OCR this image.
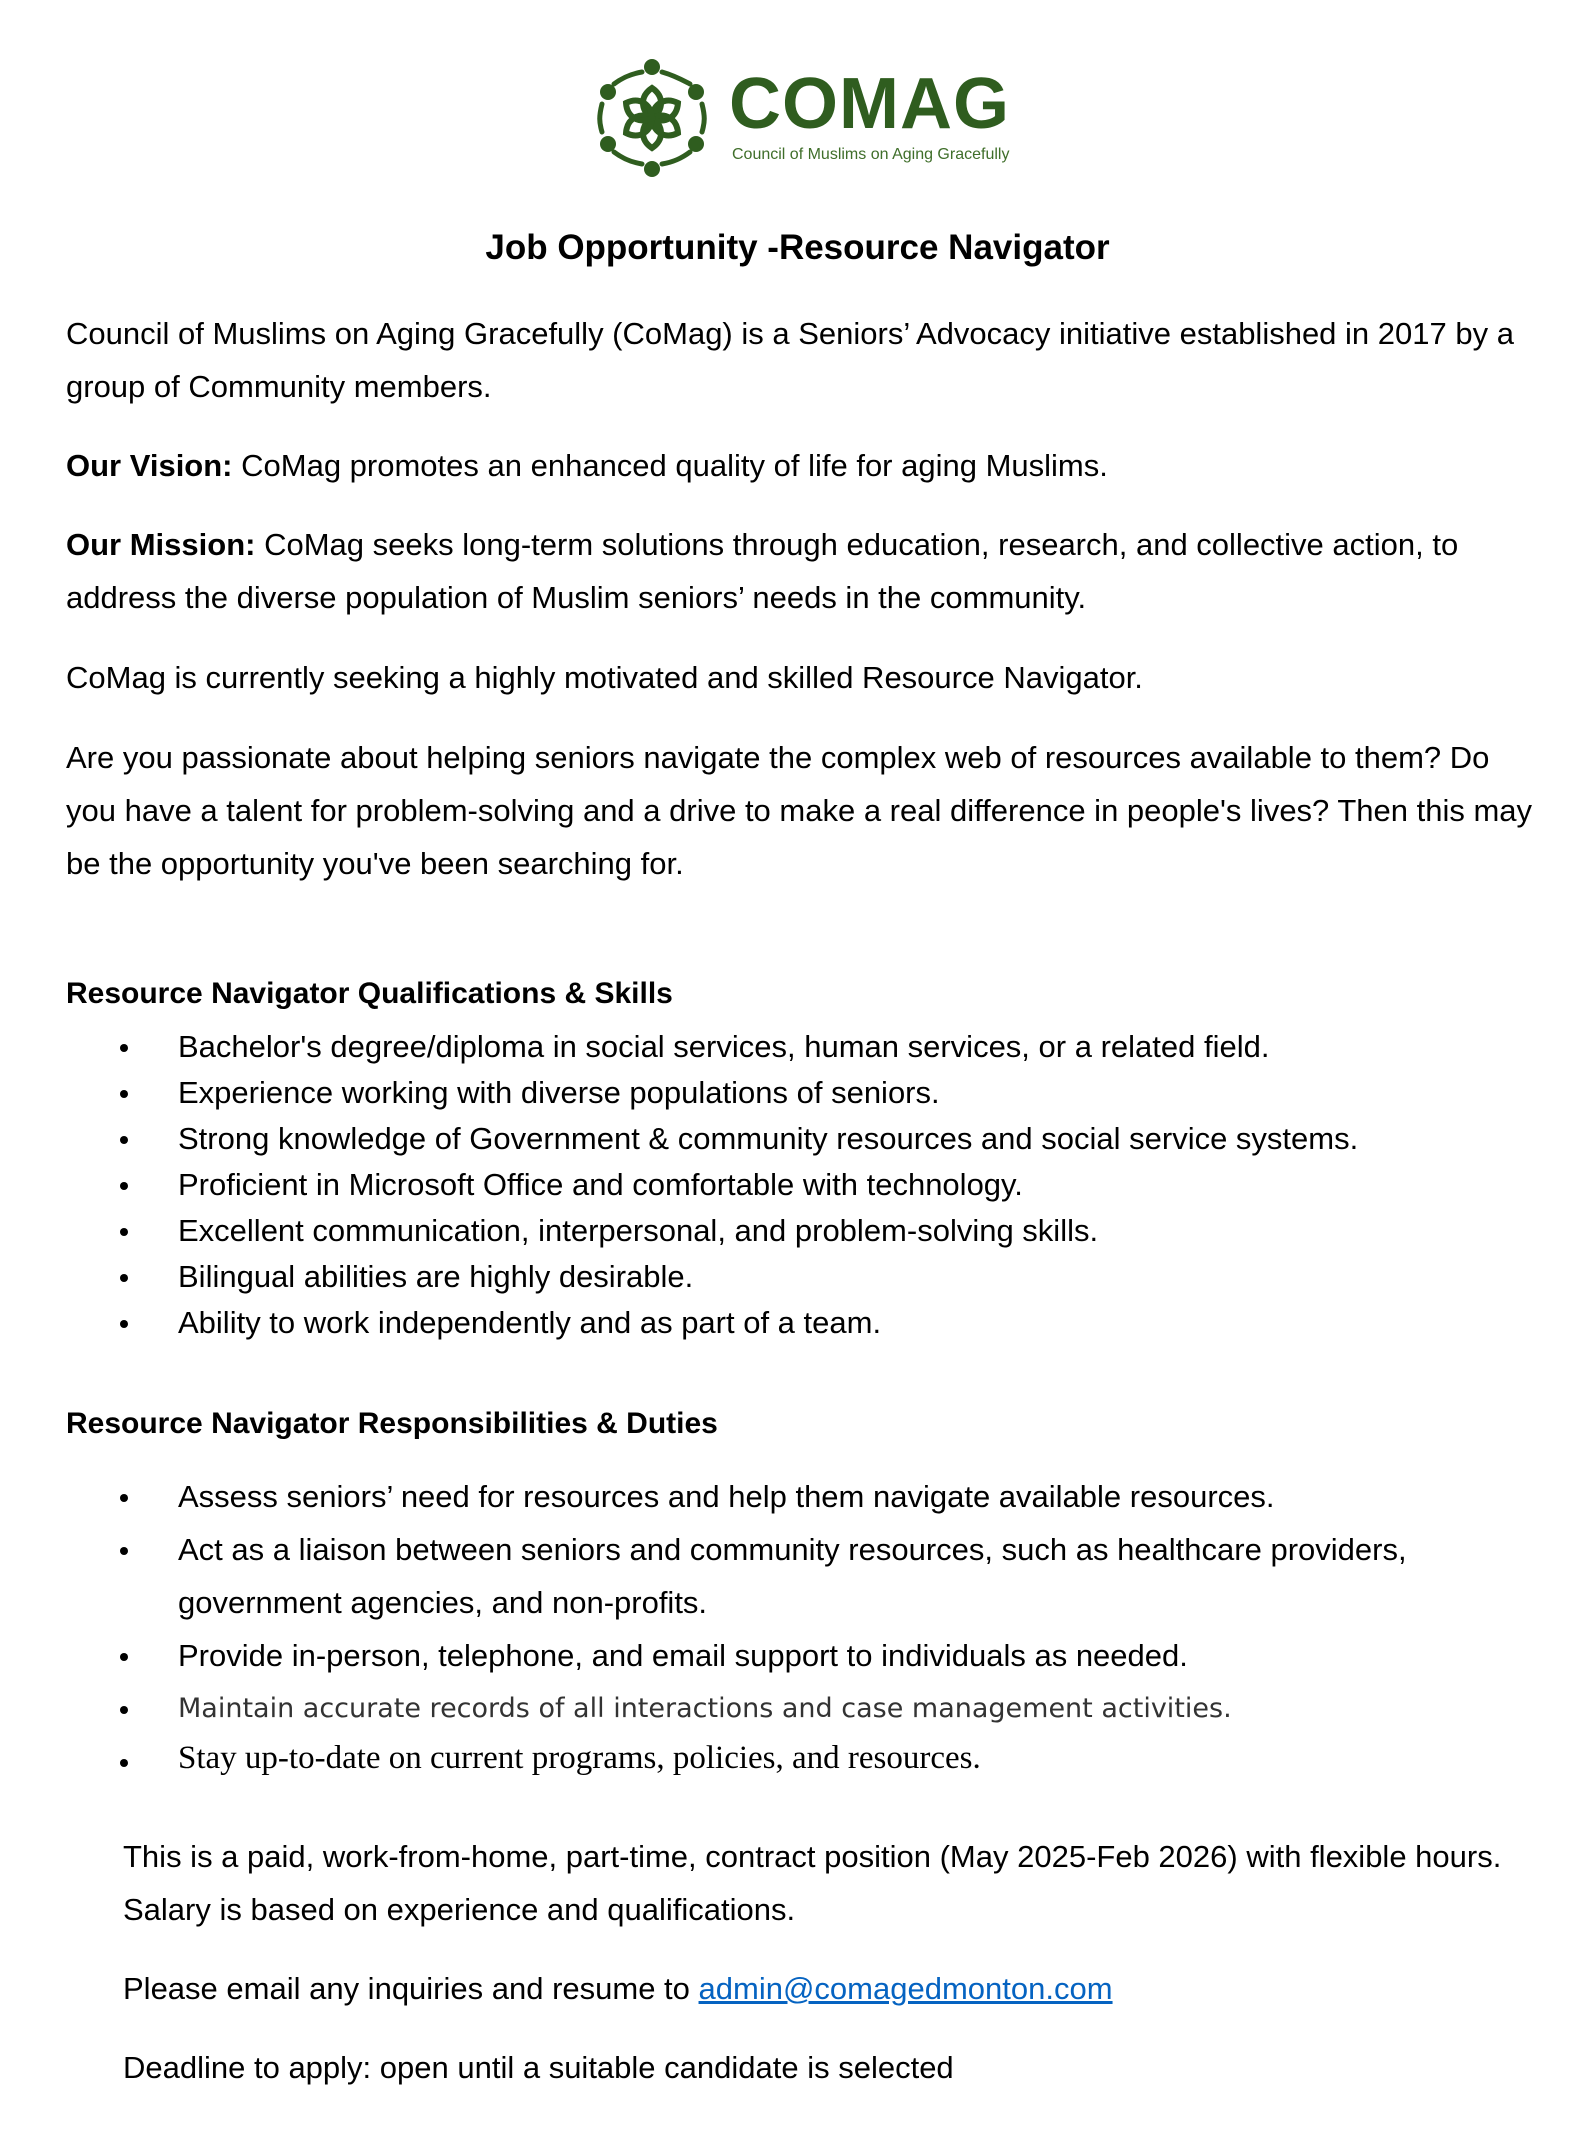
COMAG
Council of Muslims on Aging Gracefully
Job Opportunity -Resource Navigator

Council of Muslims on Aging Gracefully (CoMag) is a Seniors’ Advocacy initiative established in 2017 by a group of Community members.

Our Vision: CoMag promotes an enhanced quality of life for aging Muslims.

Our Mission: CoMag seeks long-term solutions through education, research, and collective action, to address the diverse population of Muslim seniors’ needs in the community.

CoMag is currently seeking a highly motivated and skilled Resource Navigator.

Are you passionate about helping seniors navigate the complex web of resources available to them? Do you have a talent for problem-solving and a drive to make a real difference in people's lives? Then this may be the opportunity you've been searching for.

Resource Navigator Qualifications & Skills
Bachelor's degree/diploma in social services, human services, or a related field.
Experience working with diverse populations of seniors.
Strong knowledge of Government & community resources and social service systems.
Proficient in Microsoft Office and comfortable with technology.
Excellent communication, interpersonal, and problem-solving skills.
Bilingual abilities are highly desirable.
Ability to work independently and as part of a team.
Resource Navigator Responsibilities & Duties
Assess seniors’ need for resources and help them navigate available resources.
Act as a liaison between seniors and community resources, such as healthcare providers, government agencies, and non-profits.
Provide in-person, telephone, and email support to individuals as needed.
Maintain accurate records of all interactions and case management activities.
Stay up-to-date on current programs, policies, and resources.

This is a paid, work-from-home, part-time, contract position (May 2025-Feb 2026) with flexible hours. Salary is based on experience and qualifications.

Please email any inquiries and resume to admin@comagedmonton.com

Deadline to apply: open until a suitable candidate is selected
